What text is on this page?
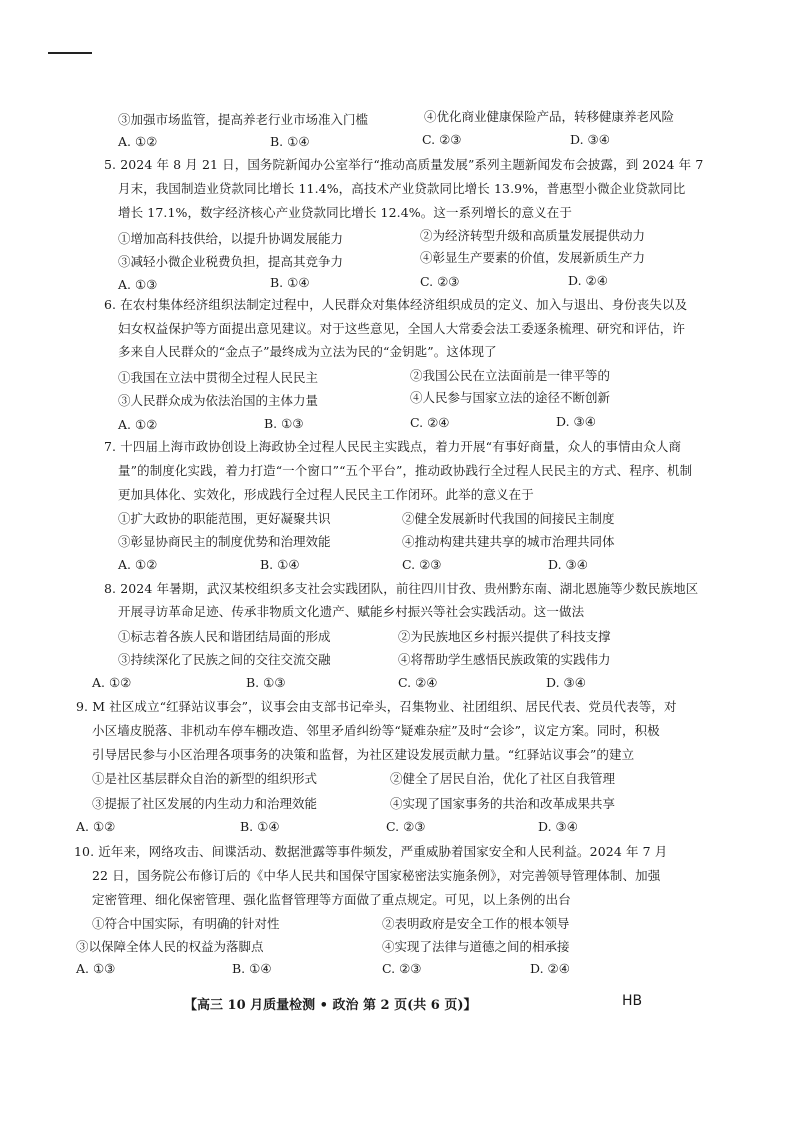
③加强市场监管，提高养老行业市场准入门槛	④优化商业健康保险产品，转移健康养老风险
A. ①②	B. ①④	C. ②③	D. ③④
5. 2024 年 8 月 21 日，国务院新闻办公室举行“推动高质量发展”系列主题新闻发布会披露，到 2024 年 7
月末，我国制造业贷款同比增长 11.4%，高技术产业贷款同比增长 13.9%，普惠型小微企业贷款同比
增长 17.1%，数字经济核心产业贷款同比增长 12.4%。这一系列增长的意义在于
①增加高科技供给，以提升协调发展能力	②为经济转型升级和高质量发展提供动力
③减轻小微企业税费负担，提高其竞争力	④彰显生产要素的价值，发展新质生产力
A. ①③	B. ①④	C. ②③	D. ②④
6. 在农村集体经济组织法制定过程中，人民群众对集体经济组织成员的定义、加入与退出、身份丧失以及
妇女权益保护等方面提出意见建议。对于这些意见，全国人大常委会法工委逐条梳理、研究和评估，许
多来自人民群众的“金点子”最终成为立法为民的“金钥匙”。这体现了
①我国在立法中贯彻全过程人民民主	②我国公民在立法面前是一律平等的
③人民群众成为依法治国的主体力量	④人民参与国家立法的途径不断创新
A. ①②	B. ①③	C. ②④	D. ③④
7. 十四届上海市政协创设上海政协全过程人民民主实践点，着力开展“有事好商量，众人的事情由众人商
量”的制度化实践，着力打造“一个窗口”“五个平台”，推动政协践行全过程人民民主的方式、程序、机制
更加具体化、实效化，形成践行全过程人民民主工作闭环。此举的意义在于
①扩大政协的职能范围，更好凝聚共识	②健全发展新时代我国的间接民主制度
③彰显协商民主的制度优势和治理效能	④推动构建共建共享的城市治理共同体
A. ①②	B. ①④	C. ②③	D. ③④
8. 2024 年暑期，武汉某校组织多支社会实践团队，前往四川甘孜、贵州黔东南、湖北恩施等少数民族地区
开展寻访革命足迹、传承非物质文化遗产、赋能乡村振兴等社会实践活动。这一做法
①标志着各族人民和谐团结局面的形成	②为民族地区乡村振兴提供了科技支撑
③持续深化了民族之间的交往交流交融	④将帮助学生感悟民族政策的实践伟力
A. ①②	B. ①③	C. ②④	D. ③④
9. M 社区成立“红驿站议事会”，议事会由支部书记牵头，召集物业、社团组织、居民代表、党员代表等，对
小区墙皮脱落、非机动车停车棚改造、邻里矛盾纠纷等“疑难杂症”及时“会诊”，议定方案。同时，积极
引导居民参与小区治理各项事务的决策和监督，为社区建设发展贡献力量。“红驿站议事会”的建立
①是社区基层群众自治的新型的组织形式	②健全了居民自治，优化了社区自我管理
③提振了社区发展的内生动力和治理效能	④实现了国家事务的共治和改革成果共享
A. ①②	B. ①④	C. ②③	D. ③④
10. 近年来，网络攻击、间谍活动、数据泄露等事件频发，严重威胁着国家安全和人民利益。2024 年 7 月
22 日，国务院公布修订后的《中华人民共和国保守国家秘密法实施条例》，对完善领导管理体制、加强
定密管理、细化保密管理、强化监督管理等方面做了重点规定。可见，以上条例的出台
①符合中国实际，有明确的针对性	②表明政府是安全工作的根本领导
③以保障全体人民的权益为落脚点	④实现了法律与道德之间的相承接
A. ①③	B. ①④	C. ②③	D. ②④
【高三 10 月质量检测 • 政治 第 2 页(共 6 页)】	HB
